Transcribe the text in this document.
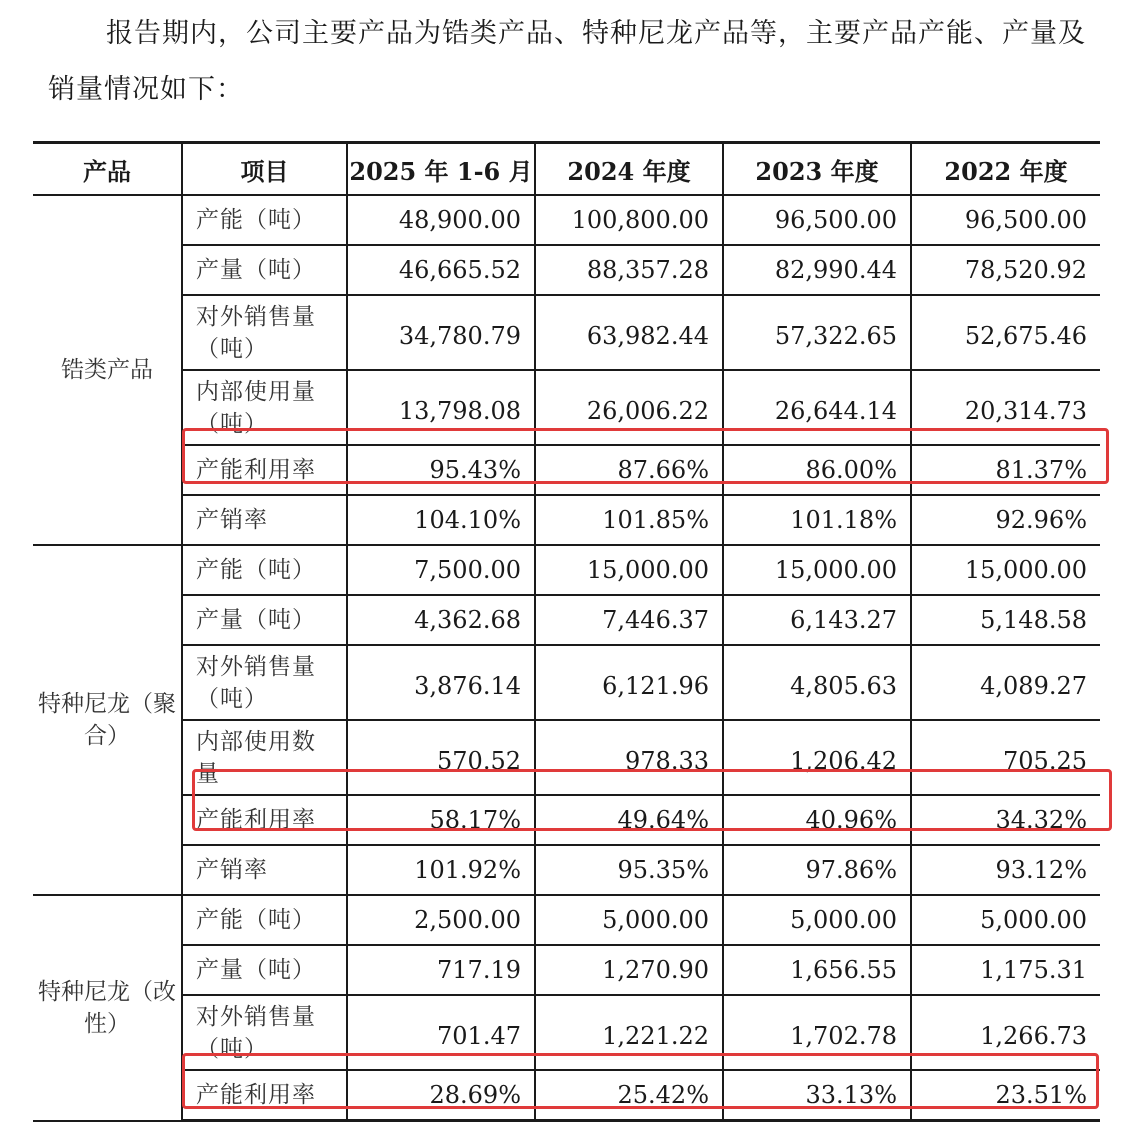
报告期内，公司主要产品为锆类产品、特种尼龙产品等，主要产品产能、产量及销量情况如下：

产品	项目	2025 年 1-6 月	2024 年度	2023 年度	2022 年度
锆类产品	产能（吨）	48,900.00	100,800.00	96,500.00	96,500.00
	产量（吨）	46,665.52	88,357.28	82,990.44	78,520.92
	对外销售量（吨）	34,780.79	63,982.44	57,322.65	52,675.46
	内部使用量（吨）	13,798.08	26,006.22	26,644.14	20,314.73
	产能利用率	95.43%	87.66%	86.00%	81.37%
	产销率	104.10%	101.85%	101.18%	92.96%
特种尼龙（聚合）	产能（吨）	7,500.00	15,000.00	15,000.00	15,000.00
	产量（吨）	4,362.68	7,446.37	6,143.27	5,148.58
	对外销售量（吨）	3,876.14	6,121.96	4,805.63	4,089.27
	内部使用数量	570.52	978.33	1,206.42	705.25
	产能利用率	58.17%	49.64%	40.96%	34.32%
	产销率	101.92%	95.35%	97.86%	93.12%
特种尼龙（改性）	产能（吨）	2,500.00	5,000.00	5,000.00	5,000.00
	产量（吨）	717.19	1,270.90	1,656.55	1,175.31
	对外销售量（吨）	701.47	1,221.22	1,702.78	1,266.73
	产能利用率	28.69%	25.42%	33.13%	23.51%
